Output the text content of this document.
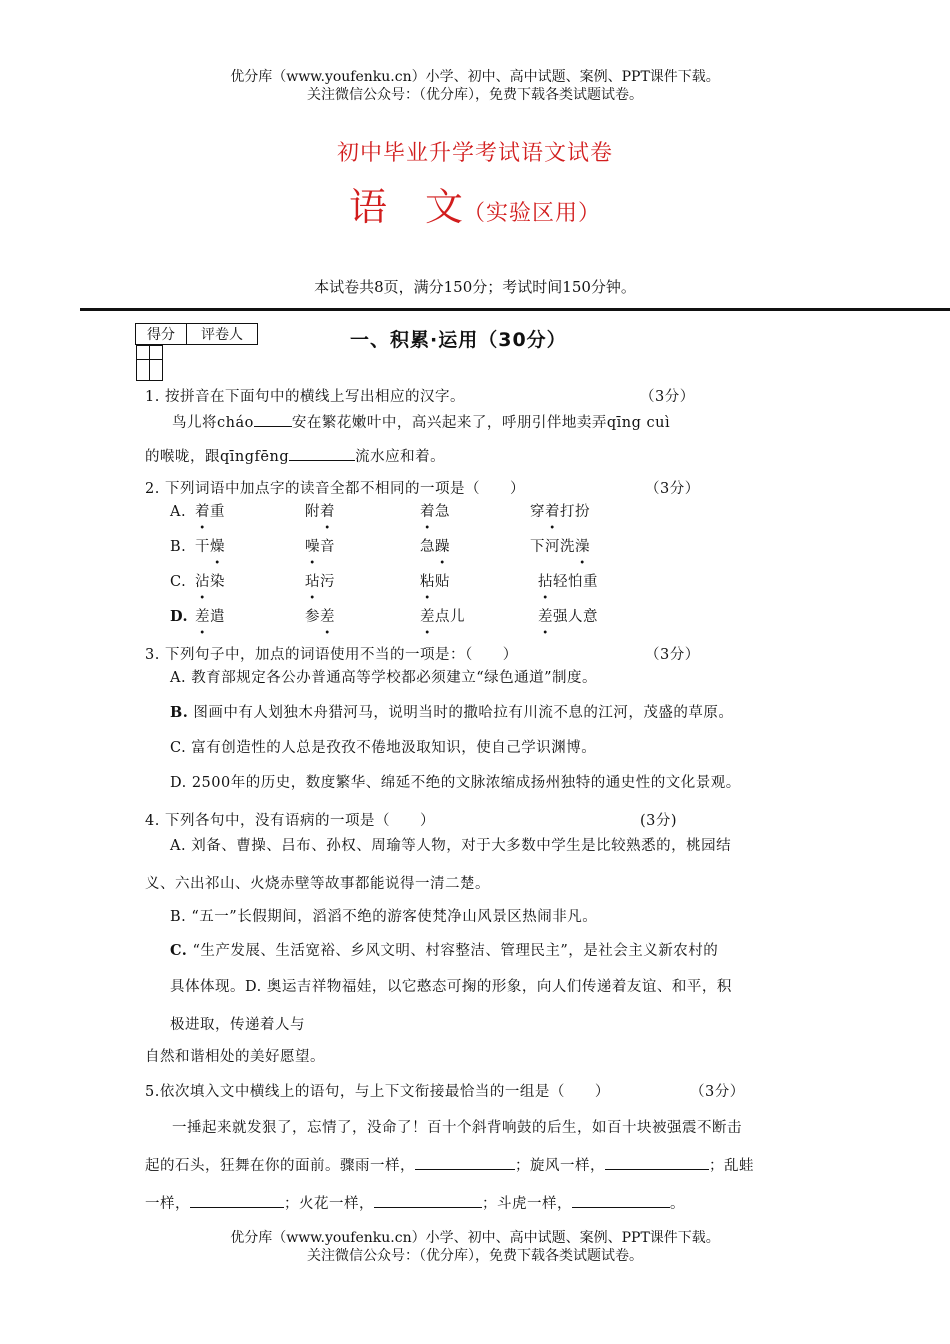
优分库（www.youfenku.cn）小学、初中、高中试题、案例、PPT课件下载。
关注微信公众号：（优分库），免费下载各类试题试卷。
初中毕业升学考试语文试卷
语　文（实验区用）
本试卷共8页，满分150分；考试时间150分钟。
得分	评卷人
		一、积累·运用（30分）
1. 按拼音在下面句中的横线上写出相应的汉字。	（3分）
鸟儿将cháo	安在繁花嫩叶中，高兴起来了，呼朋引伴地卖弄qīng cuì
的喉咙，跟qīngfēng	流水应和着。
2. 下列词语中加点字的读音全都不相同的一项是（　　）	（3分）
A. 着重	附着	着急	穿着打扮
B. 干燥	噪音	急躁	下河洗澡
C. 沾染	玷污	粘贴	拈轻怕重
D. 差遣	参差	差点儿	差强人意
3. 下列句子中，加点的词语使用不当的一项是：（　　）	（3分）
A. 教育部规定各公办普通高等学校都必须建立“绿色通道”制度。
B. 图画中有人划独木舟猎河马，说明当时的撒哈拉有川流不息的江河，茂盛的草原。
C. 富有创造性的人总是孜孜不倦地汲取知识，使自己学识渊博。
D. 2500年的历史，数度繁华、绵延不绝的文脉浓缩成扬州独特的通史性的文化景观。
4. 下列各句中，没有语病的一项是（　　）	(3分)
A. 刘备、曹操、吕布、孙权、周瑜等人物，对于大多数中学生是比较熟悉的，桃园结
义、六出祁山、火烧赤壁等故事都能说得一清二楚。
B. “五一”长假期间，滔滔不绝的游客使梵净山风景区热闹非凡。
C. “生产发展、生活宽裕、乡风文明、村容整洁、管理民主”，是社会主义新农村的
具体体现。D. 奥运吉祥物福娃，以它憨态可掬的形象，向人们传递着友谊、和平，积
极进取，传递着人与
自然和谐相处的美好愿望。
5.依次填入文中横线上的语句，与上下文衔接最恰当的一组是（　　）	（3分）
一捶起来就发狠了，忘情了，没命了！百十个斜背响鼓的后生，如百十块被强震不断击
起的石头，狂舞在你的面前。骤雨一样，	；旋风一样，	；乱蛙
一样，	；火花一样，	；斗虎一样，	。
优分库（www.youfenku.cn）小学、初中、高中试题、案例、PPT课件下载。
关注微信公众号：（优分库），免费下载各类试题试卷。
